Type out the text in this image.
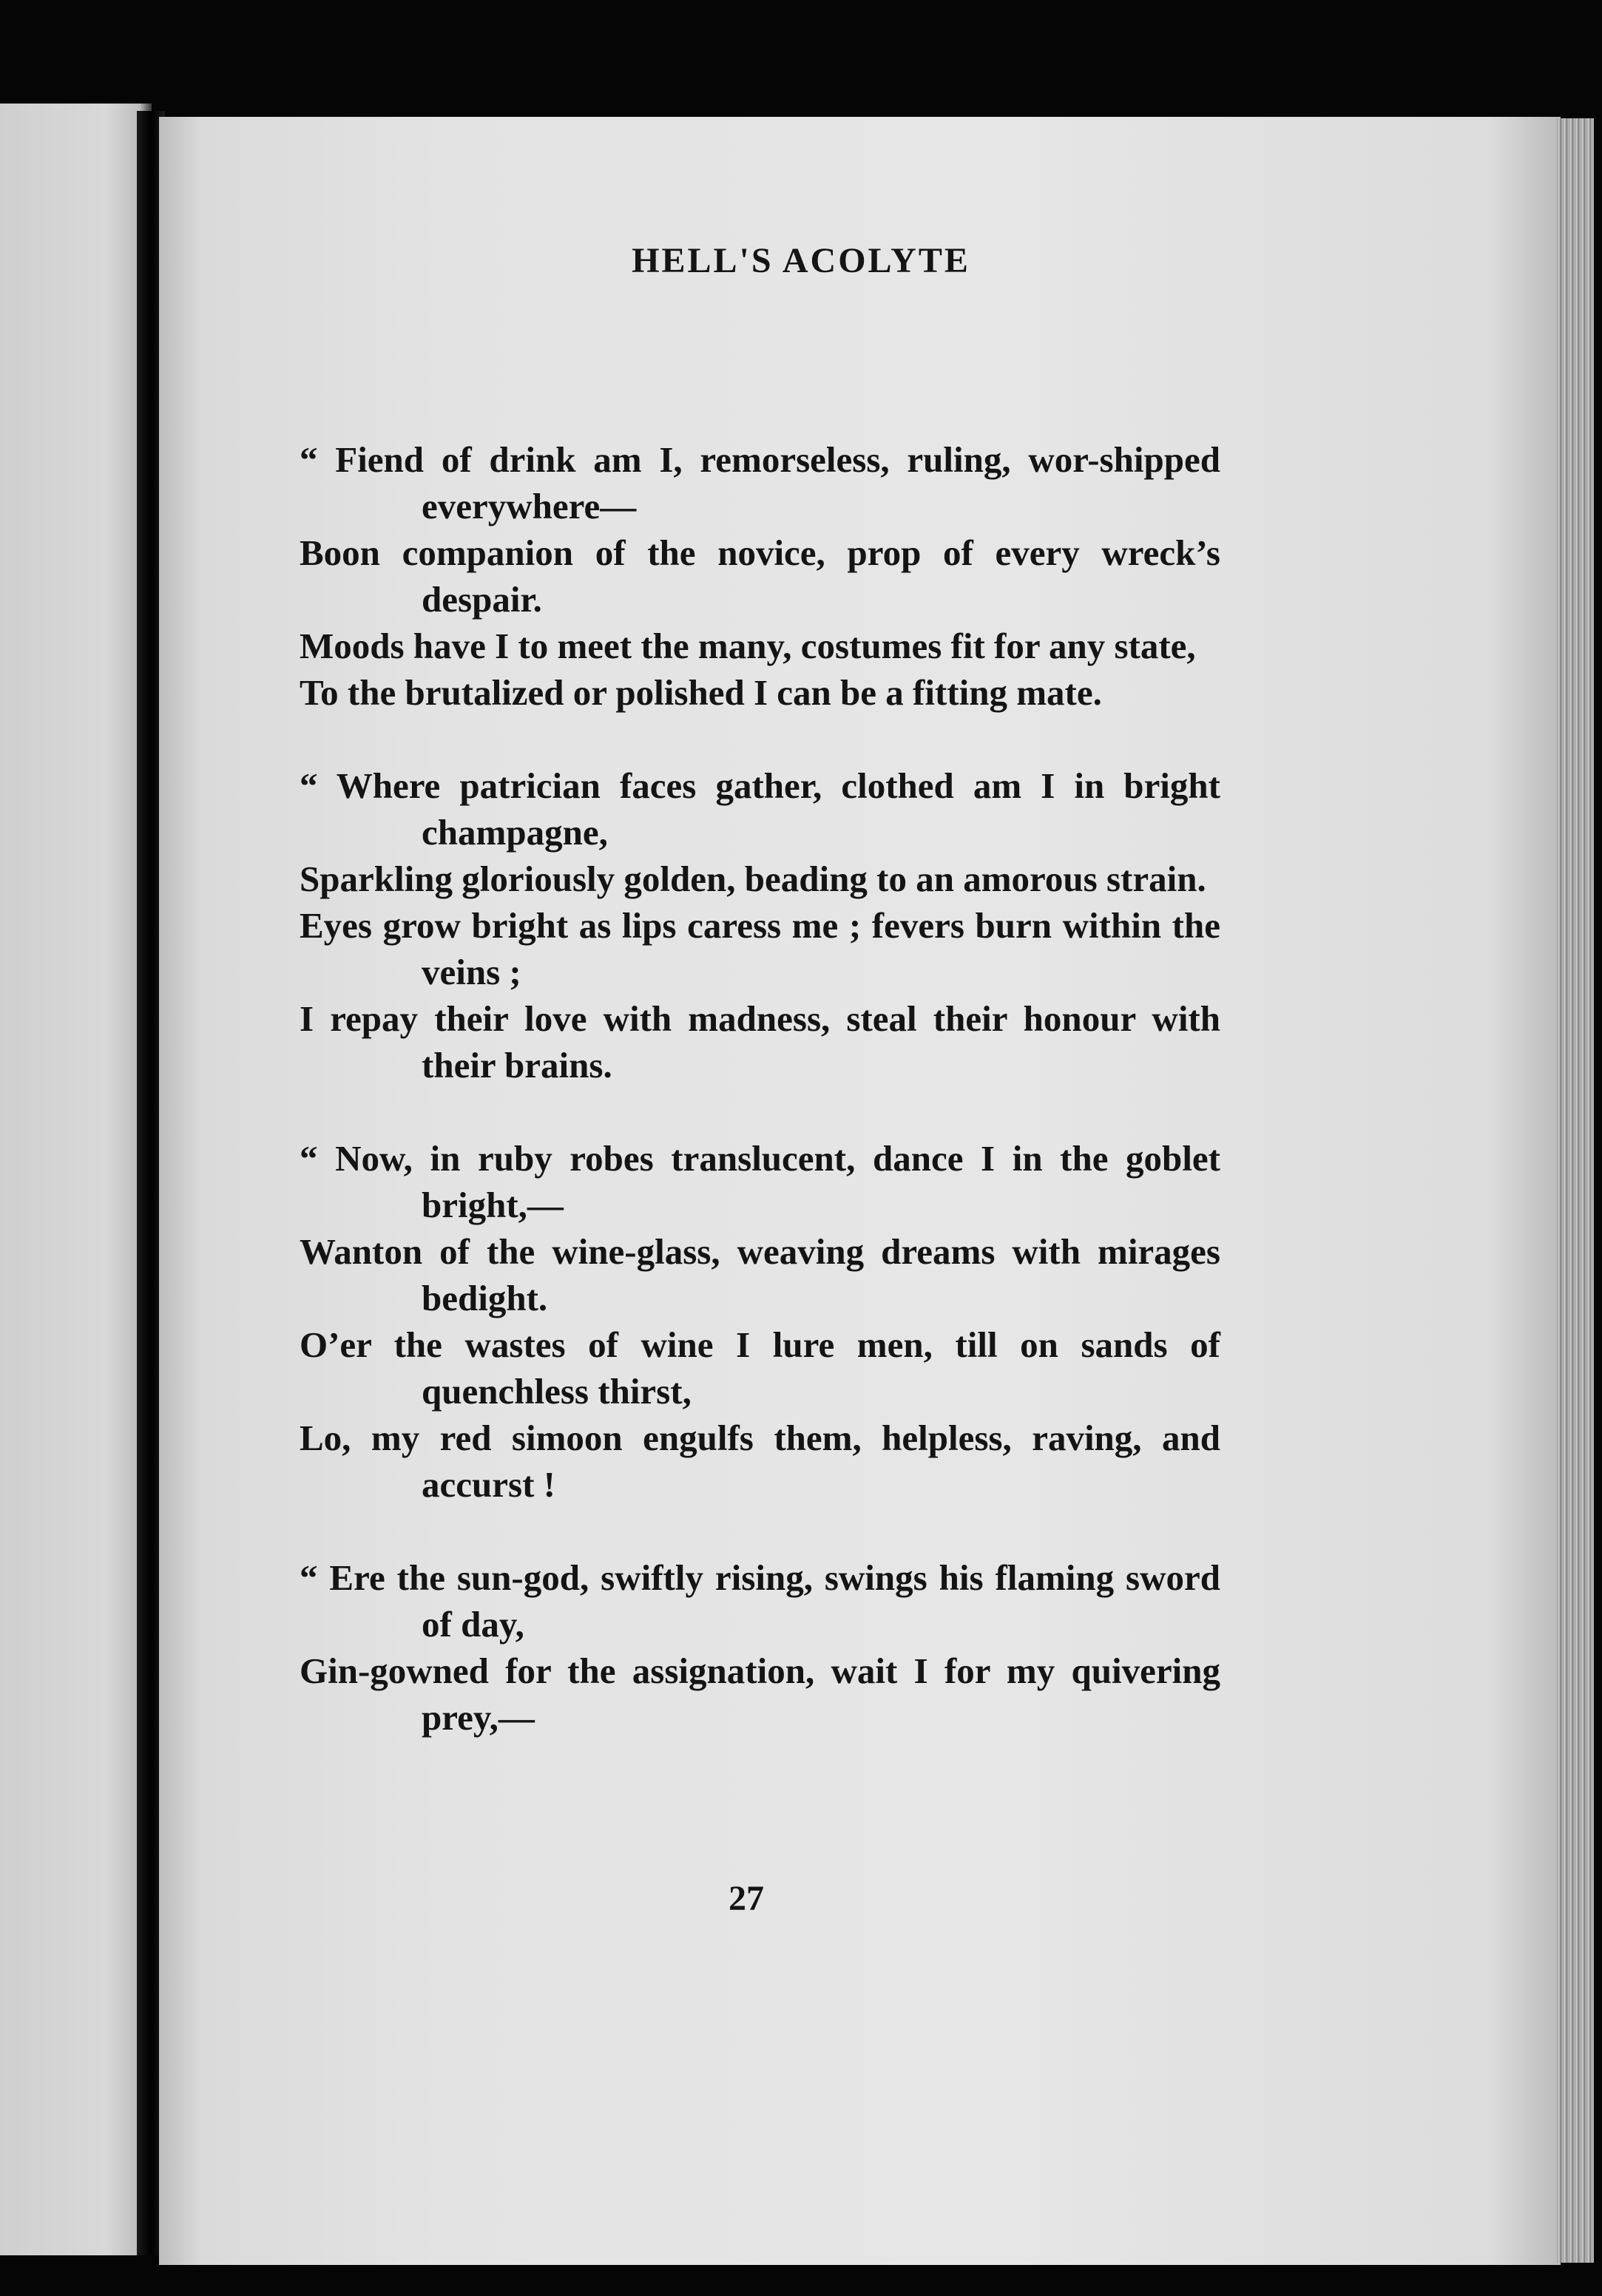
HELL'S ACOLYTE
“ Fiend of drink am I, remorseless, ruling, wor-shipped everywhere—
Boon companion of the novice, prop of every wreck’s despair.
Moods have I to meet the many, costumes fit for any state,
To the brutalized or polished I can be a fitting mate.
“ Where patrician faces gather, clothed am I in bright champagne,
Sparkling gloriously golden, beading to an amorous strain.
Eyes grow bright as lips caress me ; fevers burn within the veins ;
I repay their love with madness, steal their honour with their brains.
“ Now, in ruby robes translucent, dance I in the goblet bright,—
Wanton of the wine-glass, weaving dreams with mirages bedight.
O’er the wastes of wine I lure men, till on sands of quenchless thirst,
Lo, my red simoon engulfs them, helpless, raving, and accurst !
“ Ere the sun-god, swiftly rising, swings his flaming sword of day,
Gin-gowned for the assignation, wait I for my quivering prey,—
27
